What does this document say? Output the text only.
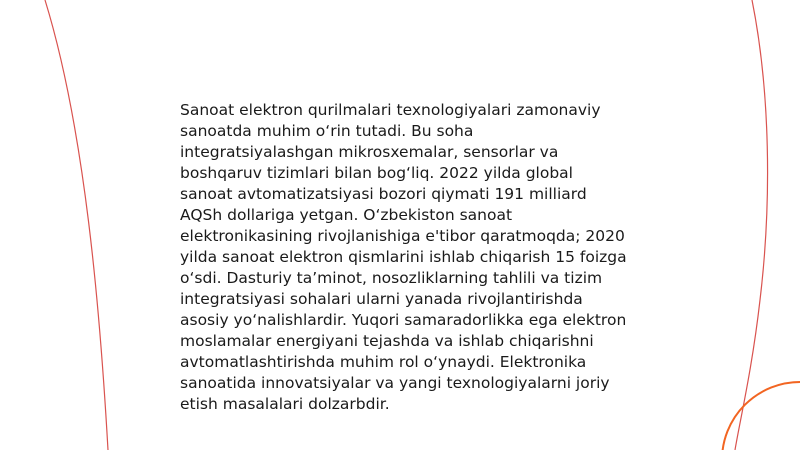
Sanoat elektron qurilmalari texnologiyalari zamonaviy sanoatda muhim o‘rin tutadi. Bu soha integratsiyalashgan mikrosxemalar, sensorlar va boshqaruv tizimlari bilan bog‘liq. 2022 yilda global sanoat avtomatizatsiyasi bozori qiymati 191 milliard AQSh dollariga yetgan. O‘zbekiston sanoat elektronikasining rivojlanishiga e'tibor qaratmoqda; 2020 yilda sanoat elektron qismlarini ishlab chiqarish 15 foizga o‘sdi. Dasturiy ta’minot, nosozliklarning tahlili va tizim integratsiyasi sohalari ularni yanada rivojlantirishda asosiy yo‘nalishlardir. Yuqori samaradorlikka ega elektron moslamalar energiyani tejashda va ishlab chiqarishni avtomatlashtirishda muhim rol o‘ynaydi. Elektronika sanoatida innovatsiyalar va yangi texnologiyalarni joriy etish masalalari dolzarbdir.
